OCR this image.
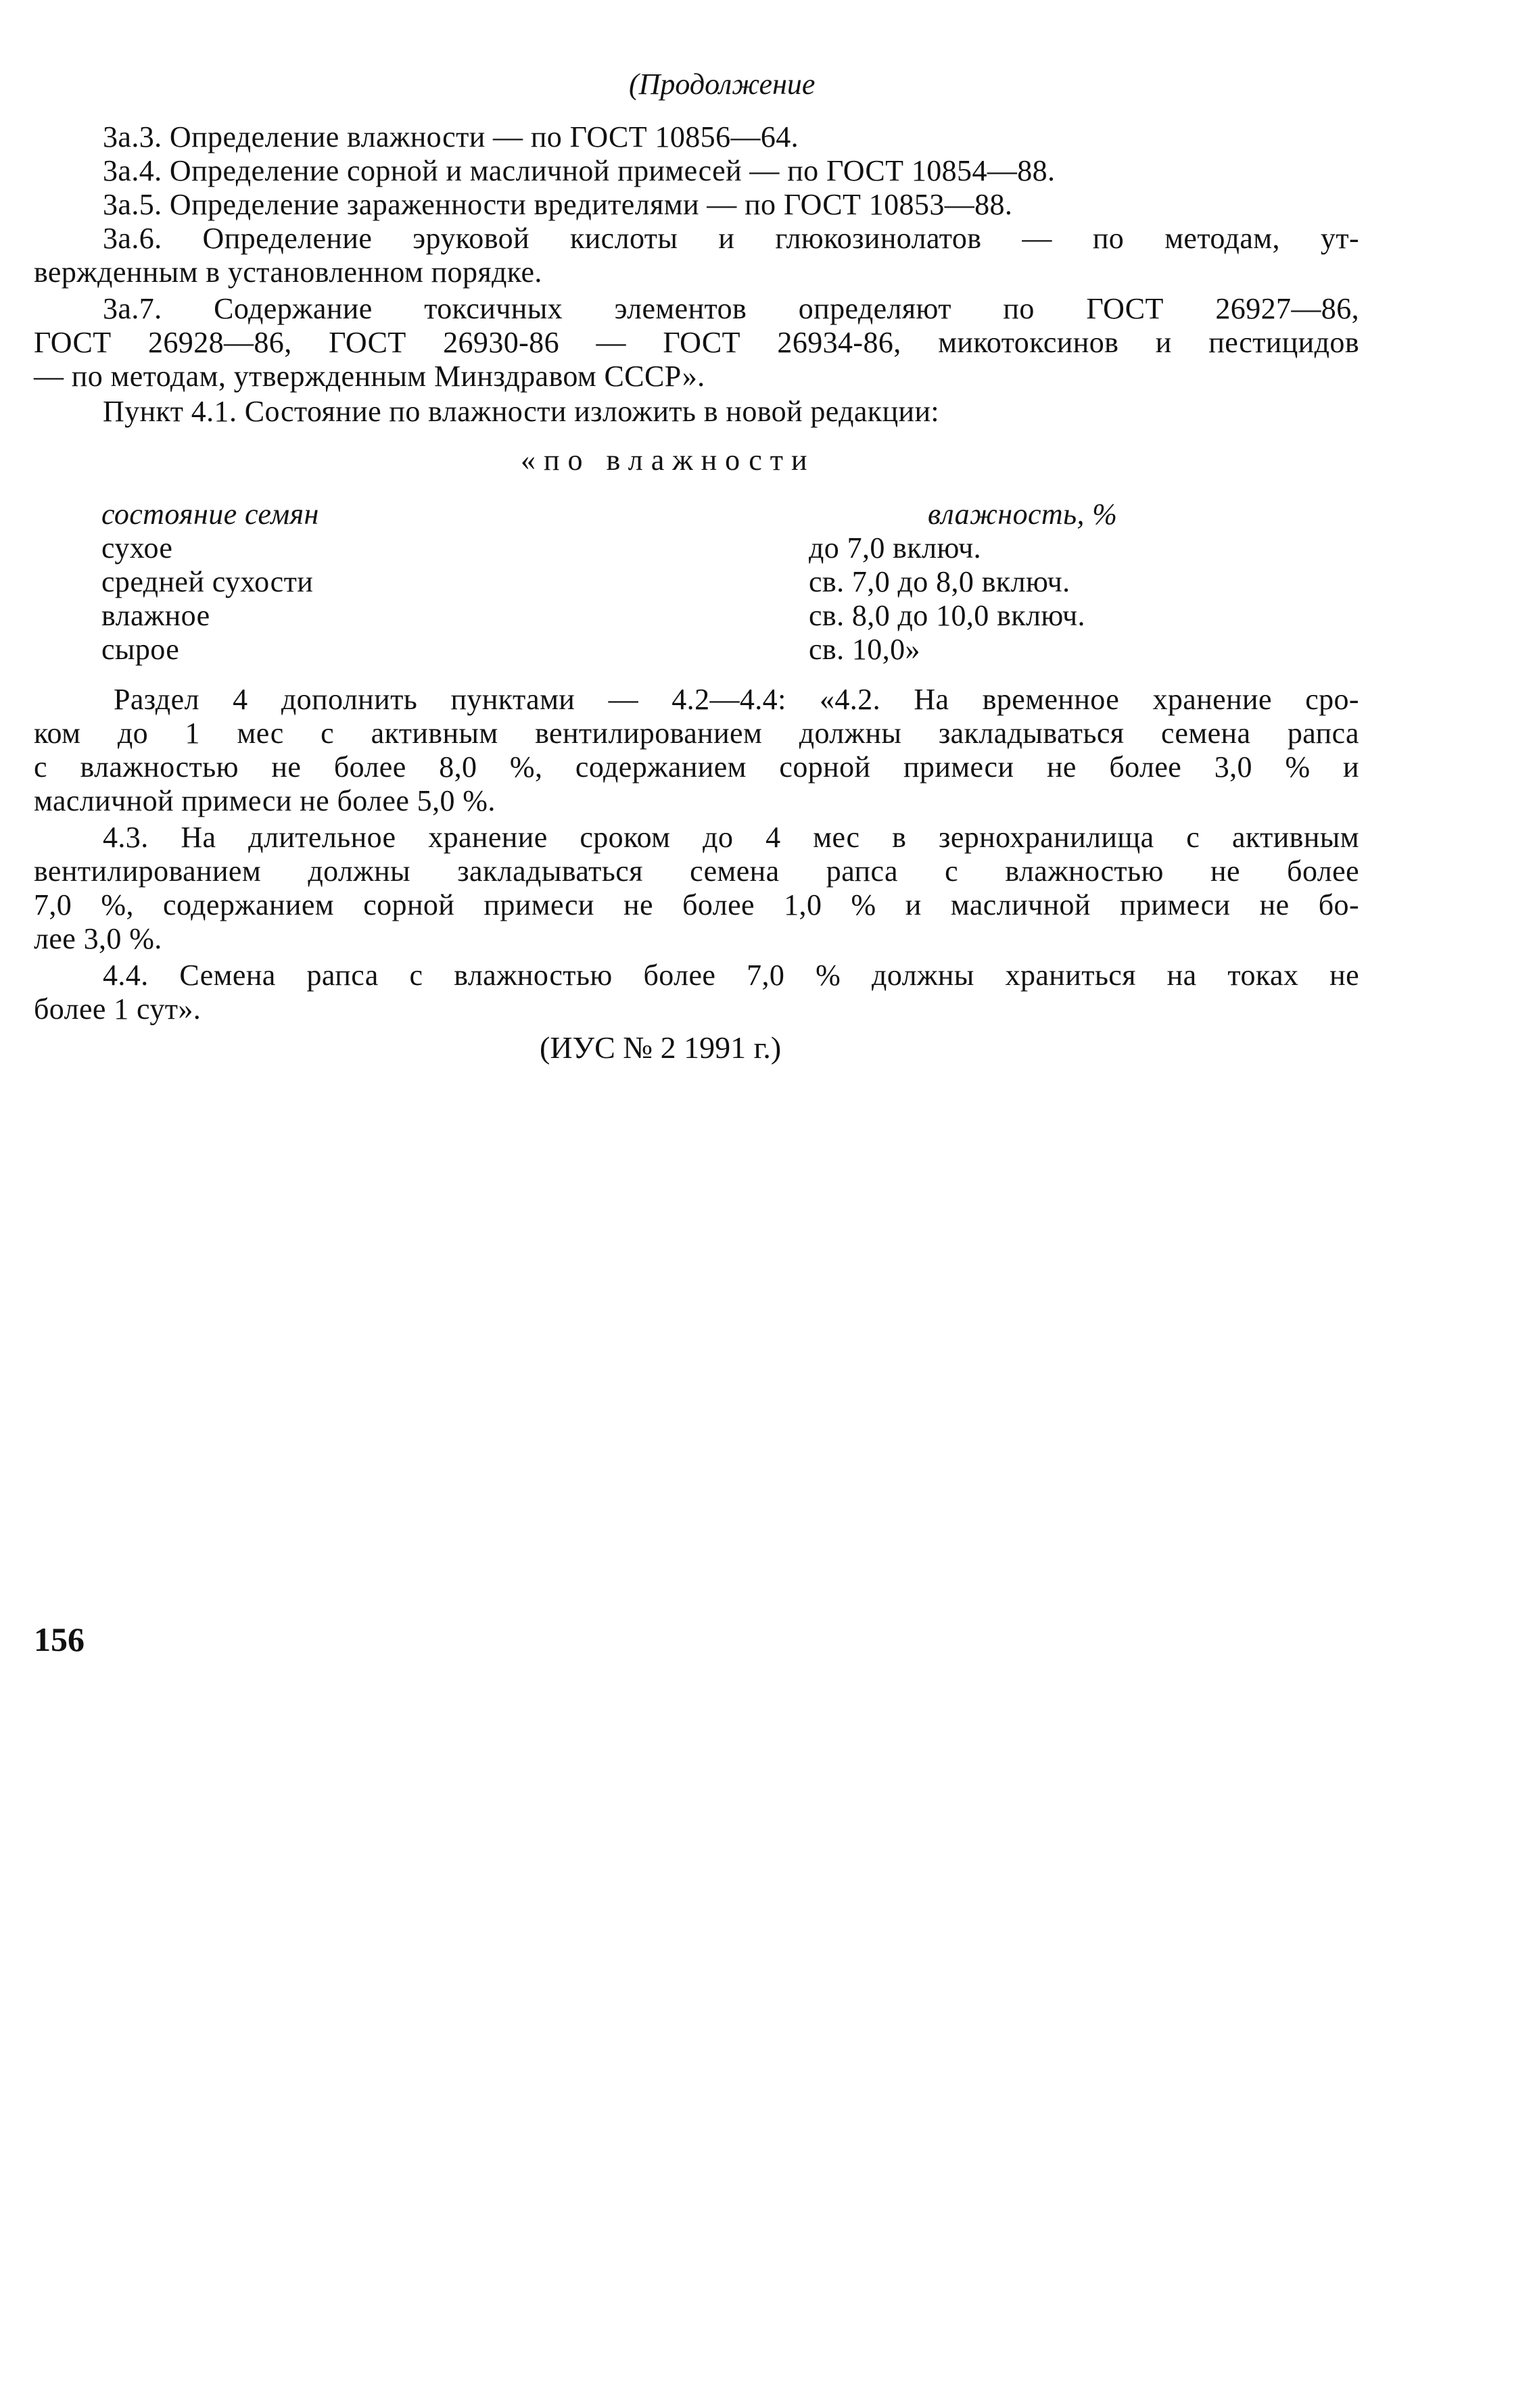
(Продолжение
3а.3. Определение влажности — по ГОСТ 10856—64.
3а.4. Определение сорной и масличной примесей — по ГОСТ 10854—88.
3а.5. Определение зараженности вредителями — по ГОСТ 10853—88.
3а.6. Определение эруковой кислоты и глюкозинолатов — по методам, ут-
вержденным в установленном порядке.
3а.7. Содержание токсичных элементов определяют по ГОСТ 26927—86,
ГОСТ 26928—86, ГОСТ 26930-86 — ГОСТ 26934-86, микотоксинов и пестицидов
— по методам, утвержденным Минздравом СССР».
Пункт 4.1. Состояние по влажности изложить в новой редакции:
«по влажности
состояние семян	влажность, %
сухое	до 7,0 включ.
средней сухости	св. 7,0 до 8,0 включ.
влажное	св. 8,0 до 10,0 включ.
сырое	св. 10,0»
Раздел 4 дополнить пунктами — 4.2—4.4: «4.2. На временное хранение сро-
ком до 1 мес с активным вентилированием должны закладываться семена рапса
с влажностью не более 8,0 %, содержанием сорной примеси не более 3,0 % и
масличной примеси не более 5,0 %.
4.3. На длительное хранение сроком до 4 мес в зернохранилища с активным
вентилированием должны закладываться семена рапса с влажностью не более
7,0 %, содержанием сорной примеси не более 1,0 % и масличной примеси не бо-
лее 3,0 %.
4.4. Семена рапса с влажностью более 7,0 % должны храниться на токах не
более 1 сут».
(ИУС № 2 1991 г.)
156
